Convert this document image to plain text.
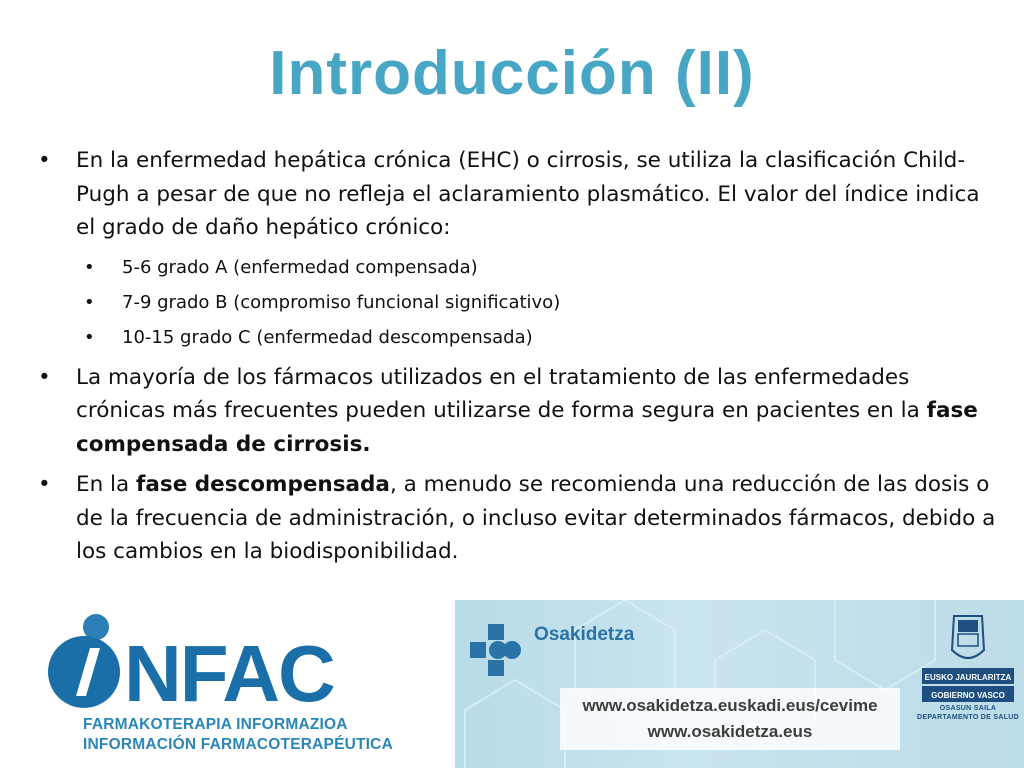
Introducción (II)
• En la enfermedad hepática crónica (EHC) o cirrosis, se utiliza la clasificación Child-Pugh a pesar de que no refleja el aclaramiento plasmático. El valor del índice indica el grado de daño hepático crónico:
• 5-6 grado A (enfermedad compensada)
• 7-9 grado B (compromiso funcional significativo)
• 10-15 grado C (enfermedad descompensada)
• La mayoría de los fármacos utilizados en el tratamiento de las enfermedades crónicas más frecuentes pueden utilizarse de forma segura en pacientes en la fase compensada de cirrosis.
• En la fase descompensada, a menudo se recomienda una reducción de las dosis o de la frecuencia de administración, o incluso evitar determinados fármacos, debido a los cambios en la biodisponibilidad.
NFAC
FARMAKOTERAPIA INFORMAZIOA
INFORMACIÓN FARMACOTERAPÉUTICA
Osakidetza
www.osakidetza.euskadi.eus/cevime
www.osakidetza.eus
EUSKO JAURLARITZA
GOBIERNO VASCO
OSASUN SAILA
DEPARTAMENTO DE SALUD
